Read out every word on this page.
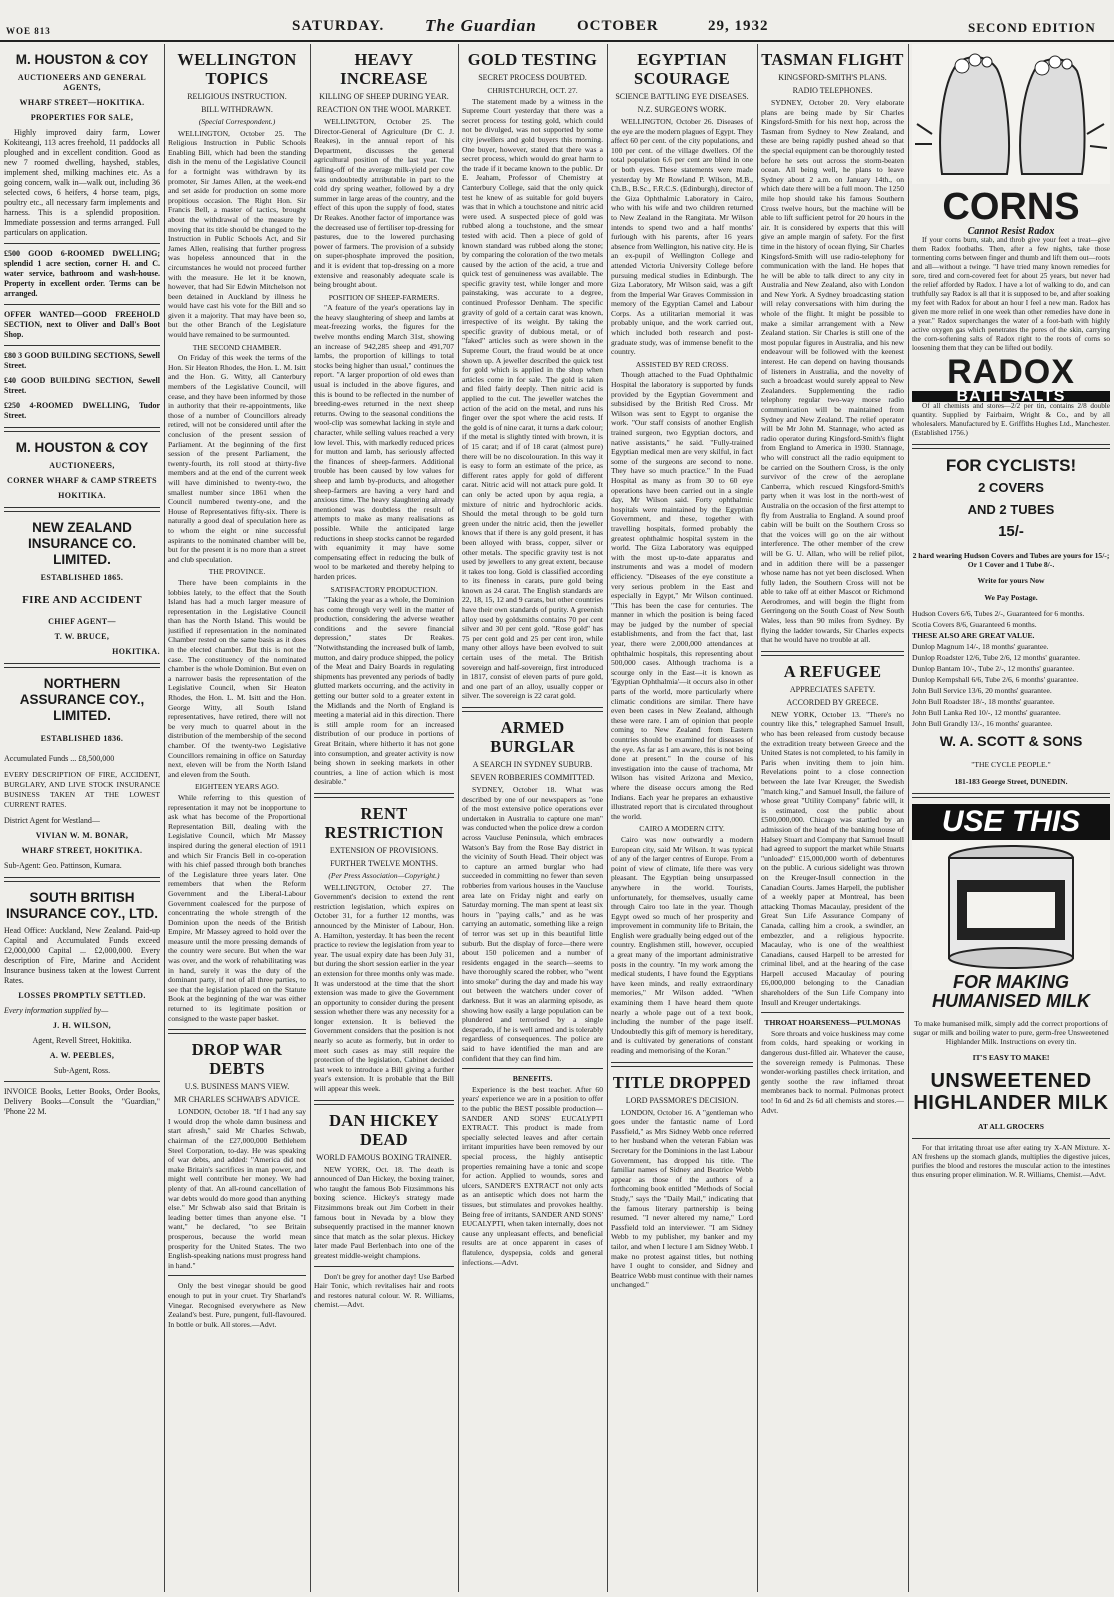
WOE 813	SATURDAY. The Guardian	OCTOBER	29, 1932	SECOND EDITION
M. HOUSTON & COY
AUCTIONEERS AND GENERAL AGENTS,
WHARF STREET—HOKITIKA.
PROPERTIES FOR SALE,

Highly improved dairy farm, Lower Kokiteangi, 113 acres freehold, 11 paddocks all ploughed and in excellent condition. Good as new 7 roomed dwelling, hayshed, stables, implement shed, milking machines etc. As a going concern, walk in—walk out, including 36 selected cows, 6 heifers, 4 horse team, pigs, poultry etc., all necessary farm implements and harness. This is a splendid proposition. Immediate possession and terms arranged. Full particulars on application.

£500 GOOD 6-ROOMED DWELLING; splendid 1 acre section, corner H. and C. water service, bathroom and wash-house. Property in excellent order. Terms can be arranged.

OFFER WANTED—GOOD FREEHOLD SECTION, next to Oliver and Dall's Boot Shop.

£80 3 GOOD BUILDING SECTIONS, Sewell Street.

£40 GOOD BUILDING SECTION, Sewell Street.

£250 4-ROOMED DWELLING, Tudor Street.

M. HOUSTON & COY
AUCTIONEERS,
CORNER WHARF & CAMP STREETS
HOKITIKA.
NEW ZEALAND INSURANCE CO. LIMITED.
ESTABLISHED 1865.
FIRE AND ACCIDENT
CHIEF AGENT—
T. W. BRUCE,
HOKITIKA.
NORTHERN ASSURANCE COY., LIMITED.
ESTABLISHED 1836.

Accumulated Funds ... £8,500,000

EVERY DESCRIPTION OF FIRE, ACCIDENT, BURGLARY, AND LIVE STOCK INSURANCE BUSINESS TAKEN AT THE LOWEST CURRENT RATES.

District Agent for Westland—

VIVIAN W. M. BONAR,
WHARF STREET, HOKITIKA.

Sub-Agent: Geo. Pattinson, Kumara.

SOUTH BRITISH INSURANCE COY., LTD.

Head Office: Auckland, New Zealand. Paid-up Capital and Accumulated Funds exceed £2,000,000 Capital ... £2,000,000. Every description of Fire, Marine and Accident Insurance business taken at the lowest Current Rates.

LOSSES PROMPTLY SETTLED.

Every information supplied by—

J. H. WILSON,

Agent, Revell Street, Hokitika.

A. W. PEEBLES,

Sub-Agent, Ross.

INVOICE Books, Letter Books, Order Books, Delivery Books—Consult the "Guardian," 'Phone 22 M.

WELLINGTON TOPICS
RELIGIOUS INSTRUCTION.
BILL WITHDRAWN.
(Special Correspondent.)

WELLINGTON, October 25. The Religious Instruction in Public Schools Enabling Bill, which had been the standing dish in the menu of the Legislative Council for a fortnight was withdrawn by its promoter, Sir James Allen, at the week-end and set aside for production on some more propitious occasion. The Right Hon. Sir Francis Bell, a master of tactics, brought about the withdrawal of the measure by moving that its title should be changed to the Instruction in Public Schools Act, and Sir James Allen, realising that further progress was hopeless announced that in the circumstances he would not proceed further with the measure. He let it be known, however, that had Sir Edwin Mitchelson not been detained in Auckland by illness he would have cast his vote for the Bill and so given it a majority. That may have been so, but the other Branch of the Legislature would have remained to be surmounted.

THE SECOND CHAMBER.

On Friday of this week the terms of the Hon. Sir Heaton Rhodes, the Hon. L. M. Isitt and the Hon. G. Witty, all Canterbury members of the Legislative Council, will cease, and they have been informed by those in authority that their re-appointments, like those of a number of Councillors already retired, will not be considered until after the conclusion of the present session of Parliament. At the beginning of the first session of the present Parliament, the twenty-fourth, its roll stood at thirty-five members and at the end of the current week will have diminished to twenty-two, the smallest number since 1861 when the Council numbered twenty-one, and the House of Representatives fifty-six. There is naturally a good deal of speculation here as to whom the eight or nine successful aspirants to the nominated chamber will be, but for the present it is no more than a street and club speculation.

THE PROVINCE.

There have been complaints in the lobbies lately, to the effect that the South Island has had a much larger measure of representation in the Legislative Council than has the North Island. This would be justified if representation in the nominated Chamber rested on the same basis as it does in the elected chamber. But this is not the case. The constituency of the nominated chamber is the whole Dominion. But even on a narrower basis the representation of the Legislative Council, when Sir Heaton Rhodes, the Hon. L. M. Isitt and the Hon. George Witty, all South Island representatives, have retired, there will not be very much to quarrel about in the distribution of the membership of the second chamber. Of the twenty-two Legislative Councillors remaining in office on Saturday next, eleven will be from the North Island and eleven from the South.

EIGHTEEN YEARS AGO.

While referring to this question of representation it may not be inopportune to ask what has become of the Proportional Representation Bill, dealing with the Legislative Council, which Mr Massey inspired during the general election of 1911 and which Sir Francis Bell in co-operation with his chief passed through both branches of the Legislature three years later. One remembers that when the Reform Government and the Liberal-Labour Government coalesced for the purpose of concentrating the whole strength of the Dominion upon the needs of the British Empire, Mr Massey agreed to hold over the measure until the more pressing demands of the country were secure. But when the war was over, and the work of rehabilitating was in hand, surely it was the duty of the dominant party, if not of all three parties, to see that the legislation placed on the Statute Book at the beginning of the war was either returned to its legitimate position or consigned to the waste paper basket.

DROP WAR DEBTS
U.S. BUSINESS MAN'S VIEW.
MR CHARLES SCHWAB'S ADVICE.

LONDON, October 18. "If I had any say I would drop the whole damn business and start afresh," said Mr Charles Schwab, chairman of the £27,000,000 Bethlehem Steel Corporation, to-day. He was speaking of war debts, and added: "America did not make Britain's sacrifices in man power, and might well contribute her money. We had plenty of that. An all-round cancellation of war debts would do more good than anything else." Mr Schwab also said that Britain is leading better times than anyone else. "I want," he declared, "to see Britain prosperous, because the world mean prosperity for the United States. The two English-speaking nations must progress hand in hand."

Only the best vinegar should be good enough to put in your cruet. Try Sharland's Vinegar. Recognised everywhere as New Zealand's best. Pure, pungent, full-flavoured. In bottle or bulk. All stores.—Advt.

HEAVY INCREASE
KILLING OF SHEEP DURING YEAR.
REACTION ON THE WOOL MARKET.

WELLINGTON, October 25. The Director-General of Agriculture (Dr C. J. Reakes), in the annual report of his Department, discusses the general agricultural position of the last year. The falling-off of the average milk-yield per cow was undoubtedly attributable in part to the cold dry spring weather, followed by a dry summer in large areas of the country, and the effect of this upon the supply of food, states Dr Reakes. Another factor of importance was the decreased use of fertiliser top-dressing for pastures, due to the lowered purchasing power of farmers. The provision of a subsidy on super-phosphate improved the position, and it is evident that top-dressing on a more extensive and reasonably adequate scale is being brought about.

POSITION OF SHEEP-FARMERS.

"A feature of the year's operations lay in the heavy slaughtering of sheep and lambs at meat-freezing works, the figures for the twelve months ending March 31st, showing an increase of 942,285 sheep and 491,707 lambs, the proportion of killings to total stocks being higher than usual," continues the report. "A larger proportion of old ewes than usual is included in the above figures, and this is bound to be reflected in the number of breeding-ewes returned in the next sheep returns. Owing to the seasonal conditions the wool-clip was somewhat lacking in style and character, while selling values reached a very low level. This, with markedly reduced prices for mutton and lamb, has seriously affected the finances of sheep-farmers. Additional trouble has been caused by low values for sheep and lamb by-products, and altogether sheep-farmers are having a very hard and anxious time. The heavy slaughtering already mentioned was doubtless the result of attempts to make as many realisations as possible. While the anticipated large reductions in sheep stocks cannot be regarded with equanimity it may have some compensating effect in reducing the bulk of wool to be marketed and thereby helping to harden prices.

SATISFACTORY PRODUCTION.

"Taking the year as a whole, the Dominion has come through very well in the matter of production, considering the adverse weather conditions and the severe financial depression," states Dr Reakes. "Notwithstanding the increased bulk of lamb, mutton, and dairy produce shipped, the policy of the Meat and Dairy Boards in regulating shipments has prevented any periods of badly glutted markets occurring, and the activity in getting our butter sold to a greater extent in the Midlands and the North of England is meeting a material aid in this direction. There is still ample room for an increased distribution of our produce in portions of Great Britain, where hitherto it has not gone into consumption, and greater activity is now being shown in seeking markets in other countries, a line of action which is most desirable."

RENT RESTRICTION
EXTENSION OF PROVISIONS.
FURTHER TWELVE MONTHS.
(Per Press Association—Copyright.)

WELLINGTON, October 27. The Government's decision to extend the rent restriction legislation, which expires on October 31, for a further 12 months, was announced by the Minister of Labour, Hon. A. Hamilton, yesterday. It has been the recent practice to review the legislation from year to year. The usual expiry date has been July 31, but during the short session earlier in the year an extension for three months only was made. It was understood at the time that the short extension was made to give the Government an opportunity to consider during the present session whether there was any necessity for a longer extension. It is believed the Government considers that the position is not nearly so acute as formerly, but in order to meet such cases as may still require the protection of the legislation, Cabinet decided last week to introduce a Bill giving a further year's extension. It is probable that the Bill will appear this week.

DAN HICKEY DEAD
WORLD FAMOUS BOXING TRAINER.

NEW YORK, Oct. 18. The death is announced of Dan Hickey, the boxing trainer, who taught the famous Bob Fitzsimmons his boxing science. Hickey's strategy made Fitzsimmons break out Jim Corbett in their famous bout in Nevada by a blow they subsequently practised in the manner known since that match as the solar plexus. Hickey later made Paul Berlenbach into one of the greatest middle-weight champions.

Don't be grey for another day! Use Barbed Hair Tonic, which revitalises hair and roots and restores natural colour. W. R. Williams, chemist.—Advt.

GOLD TESTING
SECRET PROCESS DOUBTED.
CHRISTCHURCH, OCT. 27.

The statement made by a witness in the Supreme Court yesterday that there was a secret process for testing gold, which could not be divulged, was not supported by some city jewellers and gold buyers this morning. One buyer, however, stated that there was a secret process, which would do great harm to the trade if it became known to the public. Dr E. Jeaham, Professor of Chemistry at Canterbury College, said that the only quick test he knew of as suitable for gold buyers was that in which a touchstone and nitric acid were used. A suspected piece of gold was rubbed along a touchstone, and the smear tested with acid. Then a piece of gold of known standard was rubbed along the stone; by comparing the coloration of the two metals caused by the action of the acid, a true and quick test of genuineness was available. The specific gravity test, while longer and more painstaking, was accurate to a degree, continued Professor Denham. The specific gravity of gold of a certain carat was known, irrespective of its weight. By taking the specific gravity of dubious metal, or of "faked" articles such as were shown in the Supreme Court, the fraud would be at once shown up. A jeweller described the quick test for gold which is applied in the shop when articles come in for sale. The gold is taken and filed fairly deeply. Then nitric acid is applied to the cut. The jeweller watches the action of the acid on the metal, and runs his finger over the spot where the acid rests. If the gold is of nine carat, it turns a dark colour; if the metal is slightly tinted with brown, it is of 15 carat; and if of 18 carat (almost pure) there will be no discolouration. In this way it is easy to form an estimate of the price, as different rates apply for gold of different carat. Nitric acid will not attack pure gold. It can only be acted upon by aqua regia, a mixture of nitric and hydrochloric acids. Should the metal through to be gold turn green under the nitric acid, then the jeweller knows that if there is any gold present, it has been alloyed with brass, copper, silver or other metals. The specific gravity test is not used by jewellers to any great extent, because it takes too long. Gold is classified according to its fineness in carats, pure gold being known as 24 carat. The English standards are 22, 18, 15, 12 and 9 carats, but other countries have their own standards of purity. A greenish alloy used by goldsmiths contains 70 per cent silver and 30 per cent gold. "Rose gold" has 75 per cent gold and 25 per cent iron, while many other alloys have been evolved to suit certain uses of the metal. The British sovereign and half-sovereign, first introduced in 1817, consist of eleven parts of pure gold, and one part of an alloy, usually copper or silver. The sovereign is 22 carat gold.

ARMED BURGLAR
A SEARCH IN SYDNEY SUBURB.
SEVEN ROBBERIES COMMITTED.

SYDNEY, October 18. What was described by one of our newspapers as "one of the most extensive police operations ever undertaken in Australia to capture one man" was conducted when the police drew a cordon across Vaucluse Peninsula, which embraces Watson's Bay from the Rose Bay district in the vicinity of South Head. Their object was to capture an armed burglar who had succeeded in committing no fewer than seven robberies from various houses in the Vaucluse area late on Friday night and early on Saturday morning. The man spent at least six hours in "paying calls," and as he was carrying an automatic, something like a reign of terror was set up in this beautiful little suburb. But the display of force—there were about 150 policemen and a number of residents engaged in the search—seems to have thoroughly scared the robber, who "went into smoke" during the day and made his way out between the watchers under cover of darkness. But it was an alarming episode, as showing how easily a large population can be plundered and terrorised by a single desperado, if he is well armed and is tolerably regardless of consequences. The police are said to have identified the man and are confident that they can find him.

BENEFITS.

Experience is the best teacher. After 60 years' experience we are in a position to offer to the public the BEST possible production—SANDER AND SONS' EUCALYPTI EXTRACT. This product is made from specially selected leaves and after certain irritant impurities have been removed by our special process, the highly antiseptic properties remaining have a tonic and scope for action. Applied to wounds, sores and ulcers, SANDER'S EXTRACT not only acts as an antiseptic which does not harm the tissues, but stimulates and provokes healthy. Being free of irritants, SANDER AND SONS' EUCALYPTI, when taken internally, does not cause any unpleasant effects, and beneficial results are at once apparent in cases of flatulence, dyspepsia, colds and general infections.—Advt.

EGYPTIAN SCOURAGE
SCIENCE BATTLING EYE DISEASES.
N.Z. SURGEON'S WORK.

WELLINGTON, October 26. Diseases of the eye are the modern plagues of Egypt. They affect 60 per cent. of the city populations, and 100 per cent. of the village dwellers. Of the total population 6.6 per cent are blind in one or both eyes. These statements were made yesterday by Mr Rowland P. Wilson, M.B., Ch.B., B.Sc., F.R.C.S. (Edinburgh), director of the Giza Ophthalmic Laboratory in Cairo, who with his wife and two children returned to New Zealand in the Rangitata. Mr Wilson intends to spend two and a half months' furlough with his parents, after 16 years absence from Wellington, his native city. He is an ex-pupil of Wellington College and attended Victoria University College before pursuing medical studies in Edinburgh. The Giza Laboratory, Mr Wilson said, was a gift from the Imperial War Graves Commission in memory of the Egyptian Camel and Labour Corps. As a utilitarian memorial it was probably unique, and the work carried out, which included both research and post-graduate study, was of immense benefit to the country.

ASSISTED BY RED CROSS.

Though attached to the Fuad Ophthalmic Hospital the laboratory is supported by funds provided by the Egyptian Government and subsidised by the British Red Cross. Mr Wilson was sent to Egypt to organise the work. "Our staff consists of another English trained surgeon, two Egyptian doctors, and native assistants," he said. "Fully-trained Egyptian medical men are very skilful, in fact some of the surgeons are second to none. They have so much practice." In the Fuad Hospital as many as from 30 to 60 eye operations have been carried out in a single day, Mr Wilson said. Forty ophthalmic hospitals were maintained by the Egyptian Government, and these, together with travelling hospitals, formed probably the greatest ophthalmic hospital system in the world. The Giza Laboratory was equipped with the most up-to-date apparatus and instruments and was a model of modern efficiency. "Diseases of the eye constitute a very serious problem in the East and especially in Egypt," Mr Wilson continued. "This has been the case for centuries. The manner in which the position is being faced may be judged by the number of special establishments, and from the fact that, last year, there were 2,000,000 attendances at ophthalmic hospitals, this representing about 500,000 cases. Although trachoma is a scourge only in the East—it is known as 'Egyptian Ophthalmia'—it occurs also in other parts of the world, more particularly where climatic conditions are similar. There have even been cases in New Zealand, although these were rare. I am of opinion that people coming to New Zealand from Eastern countries should be examined for diseases of the eye. As far as I am aware, this is not being done at present." In the course of his investigation into the cause of trachoma, Mr Wilson has visited Arizona and Mexico, where the disease occurs among the Red Indians. Each year he prepares an exhaustive illustrated report that is circulated throughout the world.

CAIRO A MODERN CITY.

Cairo was now outwardly a modern European city, said Mr Wilson. It was typical of any of the larger centres of Europe. From a point of view of climate, life there was very pleasant. The Egyptian being unsurpassed anywhere in the world. Tourists, unfortunately, for themselves, usually came through Cairo too late in the year. Though Egypt owed so much of her prosperity and improvement in community life to Britain, the English were gradually being edged out of the country. Englishmen still, however, occupied a great many of the important administrative posts in the country. "In my work among the medical students, I have found the Egyptians have keen minds, and really extraordinary memories," Mr Wilson added. "When examining them I have heard them quote nearly a whole page out of a text book, including the number of the page itself. Undoubtedly this gift of memory is hereditary, and is cultivated by generations of constant reading and memorising of the Koran."

TITLE DROPPED
LORD PASSMORE'S DECISION.

LONDON, October 16. A "gentleman who goes under the fantastic name of Lord Passfield," as Mrs Sidney Webb once referred to her husband when the veteran Fabian was Secretary for the Dominions in the last Labour Government, has dropped his title. The familiar names of Sidney and Beatrice Webb appear as those of the authors of a forthcoming book entitled "Methods of Social Study," says the "Daily Mail," indicating that the famous literary partnership is being resumed. "I never altered my name," Lord Passfield told an interviewer. "I am Sidney Webb to my publisher, my banker and my tailor, and when I lecture I am Sidney Webb. I make no protest against titles, but nothing have I ought to consider, and Sidney and Beatrice Webb must continue with their names unchanged."

TASMAN FLIGHT
KINGSFORD-SMITH'S PLANS.
RADIO TELEPHONES.

SYDNEY, October 20. Very elaborate plans are being made by Sir Charles Kingsford-Smith for his next hop, across the Tasman from Sydney to New Zealand, and these are being rapidly pushed ahead so that the special equipment can be thoroughly tested before he sets out across the storm-beaten ocean. All being well, he plans to leave Sydney about 2 a.m. on January 14th., on which date there will be a full moon. The 1250 mile hop should take his famous Southern Cross twelve hours, but the machine will be able to lift sufficient petrol for 20 hours in the air. It is considered by experts that this will give an ample margin of safety. For the first time in the history of ocean flying, Sir Charles Kingsford-Smith will use radio-telephony for communication with the land. He hopes that he will be able to talk direct to any city in Australia and New Zealand, also with London and New York. A Sydney broadcasting station will relay conversations with him during the whole of the flight. It might be possible to make a similar arrangement with a New Zealand station. Sir Charles is still one of the most popular figures in Australia, and his new endeavour will be followed with the keenest interest. He can depend on having thousands of listeners in Australia, and the novelty of such a broadcast would surely appeal to New Zealanders. Supplementing the radio telephony regular two-way morse radio communication will be maintained from Sydney and New Zealand. The relief operator will be Mr John M. Stannage, who acted as radio operator during Kingsford-Smith's flight from England to America in 1930. Stannage, who will construct all the radio equipment to be carried on the Southern Cross, is the only survivor of the crew of the aeroplane Canberra, which rescued Kingsford-Smith's party when it was lost in the north-west of Australia on the occasion of the first attempt to fly from Australia to England. A sound proof cabin will be built on the Southern Cross so that the voices will go on the air without interference. The other member of the crew will be G. U. Allan, who will be relief pilot, and in addition there will be a passenger whose name has not yet been disclosed. When fully laden, the Southern Cross will not be able to take off at either Mascot or Richmond Aerodromes, and will begin the flight from Gerringong on the South Coast of New South Wales, less than 90 miles from Sydney. By flying the ladder towards, Sir Charles expects that he would have no trouble at all.

A REFUGEE
APPRECIATES SAFETY.
ACCORDED BY GREECE.

NEW YORK, October 13. "There's no country like this," telegraphed Samuel Insull, who has been released from custody because the extradition treaty between Greece and the United States is not completed, to his family in Paris when inviting them to join him. Revelations point to a close connection between the late Ivar Kreuger, the Swedish "match king," and Samuel Insull, the failure of whose great "Utility Company" fabric will, it is estimated, cost the public about £500,000,000. Chicago was startled by an admission of the head of the banking house of Halsey Stuart and Company that Samuel Insull had agreed to support the market while Stuarts "unloaded" £15,000,000 worth of debentures on the public. A curious sidelight was thrown on the Kreuger-Insull connection in the Canadian Courts. James Harpell, the publisher of a weekly paper at Montreal, has been attacking Thomas Macaulay, president of the Great Sun Life Assurance Company of Canada, calling him a crook, a swindler, an embezzler, and a religious hypocrite. Macaulay, who is one of the wealthiest Canadians, caused Harpell to be arrested for criminal libel, and at the hearing of the case Harpell accused Macaulay of pouring £6,000,000 belonging to the Canadian shareholders of the Sun Life Company into Insull and Kreuger undertakings.

THROAT HOARSENESS—PULMONAS

Sore throats and voice huskiness may come from colds, hard speaking or working in dangerous dust-filled air. Whatever the cause, the sovereign remedy is Pulmonas. These wonder-working pastilles check irritation, and gently soothe the raw inflamed throat membranes back to normal. Pulmonas protect too! In 6d and 2s 6d all chemists and stores.—Advt.

CORNS
Cannot Resist Radox

If your corns burn, stab, and throb give your feet a treat—give them Radox footbaths. Then, after a few nights, take those tormenting corns between finger and thumb and lift them out—roots and all—without a twinge. "I have tried many known remedies for sore, tired and corn-covered feet for about 25 years, but never had the relief afforded by Radox. I have a lot of walking to do, and can truthfully say Radox is all that it is supposed to be, and after soaking my feet with Radox for about an hour I feel a new man. Radox has given me more relief in one week than other remedies have done in a year." Radox superchanges the water of a foot-bath with highly active oxygen gas which penetrates the pores of the skin, carrying the corn-softening salts of Radox right to the roots of corns so loosening them that they can be lifted out bodily.

RADOX
BATH SALTS

Of all chemists and stores—2/2 per tin, contains 2/8 double quantity. Supplied by Fairbairn, Wright & Co., and by all wholesalers. Manufactured by E. Griffiths Hughes Ltd., Manchester. (Established 1756.)

FOR CYCLISTS!
2 COVERS
AND 2 TUBES
15/-

2 hard wearing Hudson Covers and Tubes are yours for 15/-; Or 1 Cover and 1 Tube 8/-.

Write for yours Now

We Pay Postage.

Hudson Covers 6/6, Tubes 2/-, Guaranteed for 6 months.

Scotia Covers 8/6, Guaranteed 6 months.

THESE ALSO ARE GREAT VALUE.

Dunlop Magnum 14/-, 18 months' guarantee.

Dunlop Roadster 12/6, Tube 2/6, 12 months' guarantee.

Dunlop Bantam 10/-, Tube 2/-, 12 months' guarantee.

Dunlop Kempshall 6/6, Tube 2/6, 6 months' guarantee.

John Bull Service 13/6, 20 months' guarantee.

John Bull Roadster 18/-, 18 months' guarantee.

John Bull Lanka Red 10/-, 12 months' guarantee.

John Bull Grandly 13/-, 16 months' guarantee.

W. A. SCOTT & SONS

"THE CYCLE PEOPLE."

181-183 George Street, DUNEDIN.

USE THIS
FOR MAKING HUMANISED MILK

To make humanised milk, simply add the correct proportions of sugar or milk and boiling water to pure, germ-free Unsweetened Highlander Milk. Instructions on every tin.

IT'S EASY TO MAKE!

UNSWEETENED HIGHLANDER MILK

AT ALL GROCERS

For that irritating throat use after eating try X-AN Mixture. X-AN freshens up the stomach glands, multiplies the digestive juices, purifies the blood and restores the muscular action to the intestines thus ensuring proper elimination. W. R. Williams, Chemist.—Advt.
